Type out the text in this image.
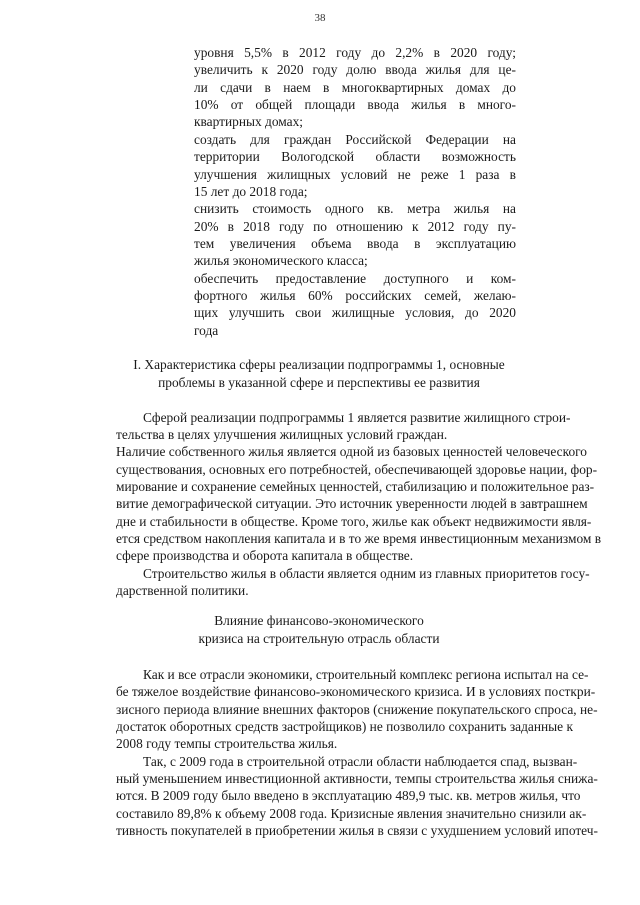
38
уровня 5,5% в 2012 году до 2,2% в 2020 году;
увеличить к 2020 году долю ввода жилья для це-
ли сдачи в наем в многоквартирных домах до
10% от общей площади ввода жилья в много-
квартирных домах;
создать для граждан Российской Федерации на
территории Вологодской области возможность
улучшения жилищных условий не реже 1 раза в
15 лет до 2018 года;
снизить стоимость одного кв. метра жилья на
20% в 2018 году по отношению к 2012 году пу-
тем увеличения объема ввода в эксплуатацию
жилья экономического класса;
обеспечить предоставление доступного и ком-
фортного жилья 60% российских семей, желаю-
щих улучшить свои жилищные условия, до 2020
года
I. Характеристика сферы реализации подпрограммы 1, основные
проблемы в указанной сфере и перспективы ее развития
Сферой реализации подпрограммы 1 является развитие жилищного строи-
тельства в целях улучшения жилищных условий граждан.
Наличие собственного жилья является одной из базовых ценностей человеческого
существования, основных его потребностей, обеспечивающей здоровье нации, фор-
мирование и сохранение семейных ценностей, стабилизацию и положительное раз-
витие демографической ситуации. Это источник уверенности людей в завтрашнем
дне и стабильности в обществе. Кроме того, жилье как объект недвижимости явля-
ется средством накопления капитала и в то же время инвестиционным механизмом в
сфере производства и оборота капитала в обществе.
Строительство жилья в области является одним из главных приоритетов госу-
дарственной политики.
Влияние финансово-экономического
кризиса на строительную отрасль области
Как и все отрасли экономики, строительный комплекс региона испытал на се-
бе тяжелое воздействие финансово-экономического кризиса. И в условиях посткри-
зисного периода влияние внешних факторов (снижение покупательского спроса, не-
достаток оборотных средств застройщиков) не позволило сохранить заданные к
2008 году темпы строительства жилья.
Так, с 2009 года в строительной отрасли области наблюдается спад, вызван-
ный уменьшением инвестиционной активности, темпы строительства жилья снижа-
ются. В 2009 году было введено в эксплуатацию 489,9 тыс. кв. метров жилья, что
составило 89,8% к объему 2008 года. Кризисные явления значительно снизили ак-
тивность покупателей в приобретении жилья в связи с ухудшением условий ипотеч-
